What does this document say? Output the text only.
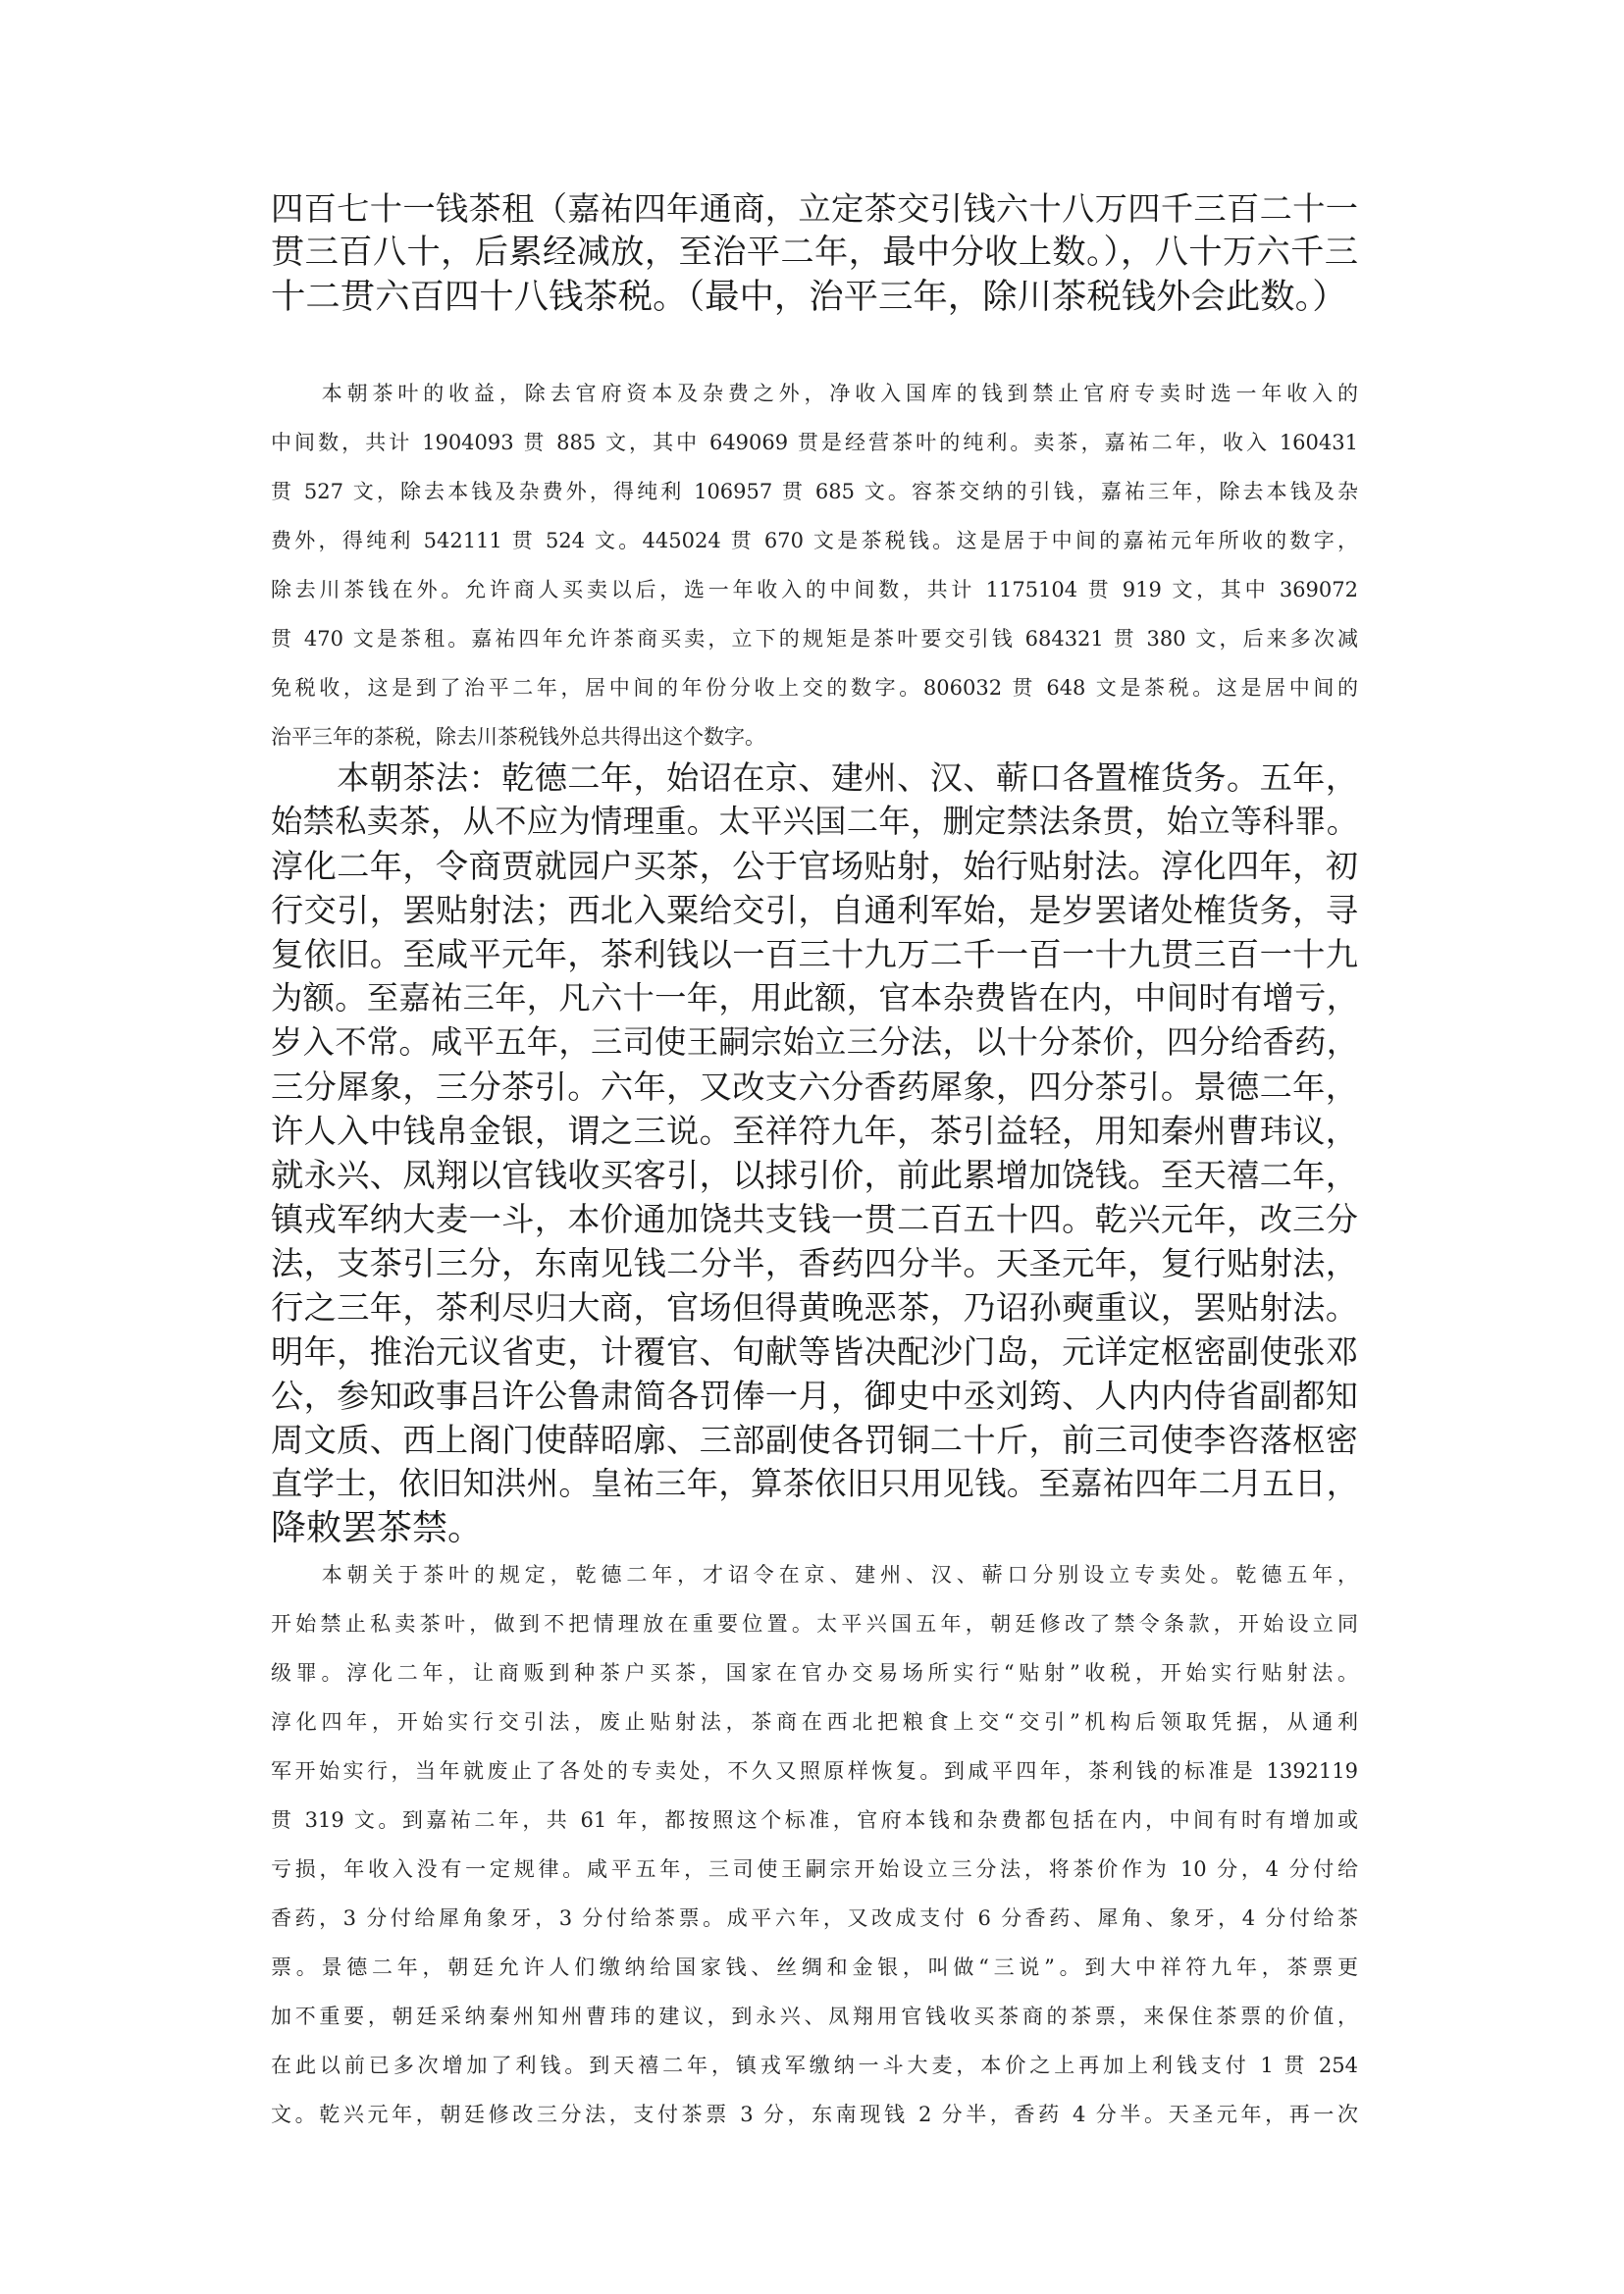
四百七十一钱茶租（嘉祐四年通商，立定茶交引钱六十八万四千三百二十一
贯三百八十，后累经减放，至治平二年，最中分收上数。），八十万六千三
十二贯六百四十八钱茶税。（最中，治平三年，除川茶税钱外会此数。）
　　本朝茶叶的收益，除去官府资本及杂费之外，净收入国库的钱到禁止官府专卖时选一年收入的
中间数，共计 1904093 贯 885 文，其中 649069 贯是经营茶叶的纯利。卖茶，嘉祐二年，收入 160431
贯 527 文，除去本钱及杂费外，得纯利 106957 贯 685 文。容茶交纳的引钱，嘉祐三年，除去本钱及杂
费外，得纯利 542111 贯 524 文。445024 贯 670 文是茶税钱。这是居于中间的嘉祐元年所收的数字，
除去川茶钱在外。允许商人买卖以后，选一年收入的中间数，共计 1175104 贯 919 文，其中 369072
贯 470 文是茶租。嘉祐四年允许茶商买卖，立下的规矩是茶叶要交引钱 684321 贯 380 文，后来多次减
免税收，这是到了治平二年，居中间的年份分收上交的数字。806032 贯 648 文是茶税。这是居中间的
治平三年的茶税，除去川茶税钱外总共得出这个数字。
　　本朝茶法：乾德二年，始诏在京、建州、汉、蕲口各置榷货务。五年，
始禁私卖茶，从不应为情理重。太平兴国二年，删定禁法条贯，始立等科罪。
淳化二年，令商贾就园户买茶，公于官场贴射，始行贴射法。淳化四年，初
行交引，罢贴射法；西北入粟给交引，自通利军始，是岁罢诸处榷货务，寻
复依旧。至咸平元年，茶利钱以一百三十九万二千一百一十九贯三百一十九
为额。至嘉祐三年，凡六十一年，用此额，官本杂费皆在内，中间时有增亏，
岁入不常。咸平五年，三司使王嗣宗始立三分法，以十分茶价，四分给香药，
三分犀象，三分茶引。六年，又改支六分香药犀象，四分茶引。景德二年，
许人入中钱帛金银，谓之三说。至祥符九年，茶引益轻，用知秦州曹玮议，
就永兴、凤翔以官钱收买客引，以捄引价，前此累增加饶钱。至天禧二年，
镇戎军纳大麦一斗，本价通加饶共支钱一贯二百五十四。乾兴元年，改三分
法，支茶引三分，东南见钱二分半，香药四分半。天圣元年，复行贴射法，
行之三年，茶利尽归大商，官场但得黄晚恶茶，乃诏孙奭重议，罢贴射法。
明年，推治元议省吏，计覆官、旬献等皆决配沙门岛，元详定枢密副使张邓
公，参知政事吕许公鲁肃简各罚俸一月，御史中丞刘筠、人内内侍省副都知
周文质、西上阁门使薛昭廓、三部副使各罚铜二十斤，前三司使李咨落枢密
直学士，依旧知洪州。皇祐三年，算茶依旧只用见钱。至嘉祐四年二月五日，
降敕罢茶禁。
　　本朝关于茶叶的规定，乾德二年，才诏令在京、建州、汉、蕲口分别设立专卖处。乾德五年，
开始禁止私卖茶叶，做到不把情理放在重要位置。太平兴国五年，朝廷修改了禁令条款，开始设立同
级罪。淳化二年，让商贩到种茶户买茶，国家在官办交易场所实行“贴射”收税，开始实行贴射法。
淳化四年，开始实行交引法，废止贴射法，茶商在西北把粮食上交“交引”机构后领取凭据，从通利
军开始实行，当年就废止了各处的专卖处，不久又照原样恢复。到咸平四年，茶利钱的标准是 1392119
贯 319 文。到嘉祐二年，共 61 年，都按照这个标准，官府本钱和杂费都包括在内，中间有时有增加或
亏损，年收入没有一定规律。咸平五年，三司使王嗣宗开始设立三分法，将茶价作为 10 分，4 分付给
香药，3 分付给犀角象牙，3 分付给茶票。成平六年，又改成支付 6 分香药、犀角、象牙，4 分付给茶
票。景德二年，朝廷允许人们缴纳给国家钱、丝绸和金银，叫做“三说”。到大中祥符九年，茶票更
加不重要，朝廷采纳秦州知州曹玮的建议，到永兴、凤翔用官钱收买茶商的茶票，来保住茶票的价值，
在此以前已多次增加了利钱。到天禧二年，镇戎军缴纳一斗大麦，本价之上再加上利钱支付 1 贯 254
文。乾兴元年，朝廷修改三分法，支付茶票 3 分，东南现钱 2 分半，香药 4 分半。天圣元年，再一次
